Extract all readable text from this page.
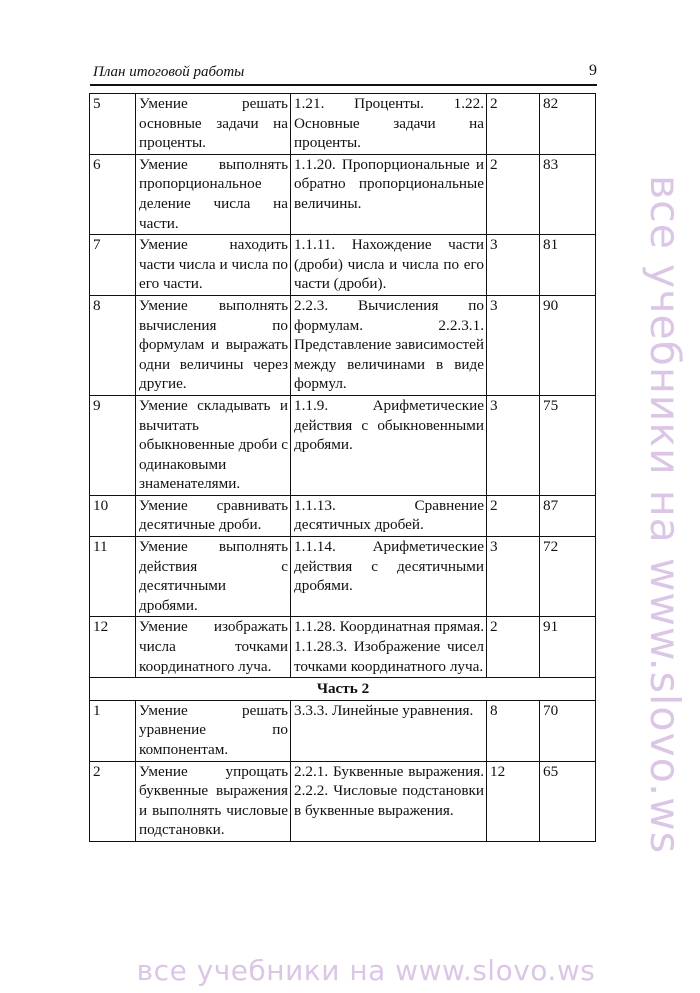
План итоговой работы	9
5	Умение решать основные задачи на проценты.	1.21. Проценты. 1.22. Основные задачи на проценты.	2	82
6	Умение выполнять пропорциональное деление числа на части.	1.1.20. Пропорциональные и обратно пропорциональные величины.	2	83
7	Умение находить части числа и числа по его части.	1.1.11. Нахождение части (дроби) числа и числа по его части (дроби).	3	81
8	Умение выполнять вычисления по формулам и выражать одни величины через другие.	2.2.3. Вычисления по формулам. 2.2.3.1. Представление зависимостей между величинами в виде формул.	3	90
9	Умение складывать и вычитать обыкновенные дроби с одинаковыми знаменателями.	1.1.9. Арифметические действия с обыкновенными дробями.	3	75
10	Умение сравнивать десятичные дроби.	1.1.13. Сравнение десятичных дробей.	2	87
11	Умение выполнять действия с десятичными дробями.	1.1.14. Арифметические действия с десятичными дробями.	3	72
12	Умение изображать числа точками координатного луча.	1.1.28. Координатная прямая. 1.1.28.3. Изображение чисел точками координатного луча.	2	91
Часть 2				
1	Умение решать уравнение по компонентам.	3.3.3. Линейные уравнения.	8	70
2	Умение упрощать буквенные выражения и выполнять числовые подстановки.	2.2.1. Буквенные выражения. 2.2.2. Числовые подстановки в буквенные выражения.	12	65 все учебники на www.slovo.ws
все учебники на www.slovo.ws
